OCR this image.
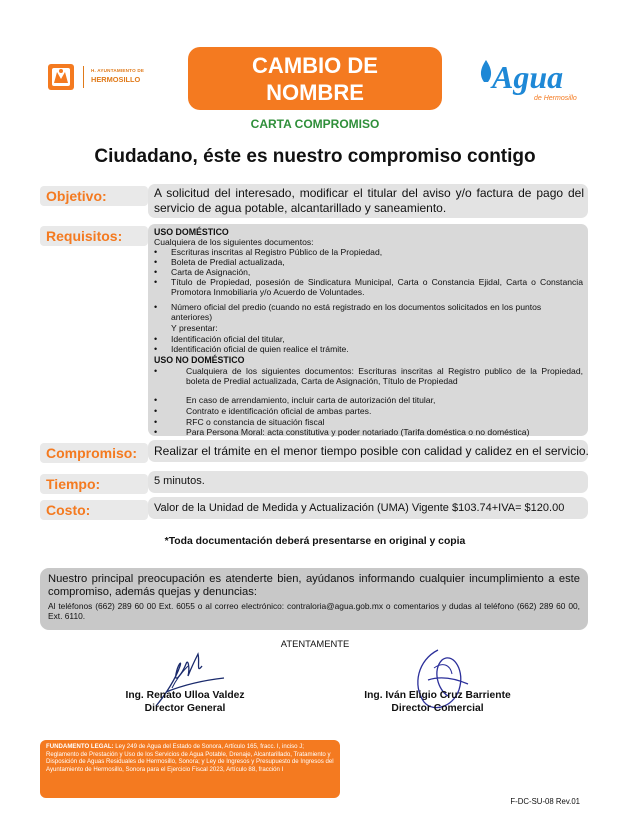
H. AYUNTAMIENTO DE
HERMOSILLO
CAMBIO DE
NOMBRE
CARTA COMPROMISO
Agua
de Hermosillo
Ciudadano, éste es nuestro compromiso contigo
Objetivo:	A solicitud del interesado, modificar el titular del aviso y/o factura de pago del servicio de agua potable, alcantarillado y saneamiento.
Requisitos:	USO DOMÉSTICO
Cualquiera de los siguientes documentos:
• Escrituras inscritas al Registro Público de la Propiedad,
• Boleta de Predial actualizada,
• Carta de Asignación,
• Título de Propiedad, posesión de Sindicatura Municipal, Carta o Constancia Ejidal, Carta o Constancia Promotora Inmobiliaria y/o Acuerdo de Voluntades.
• Número oficial del predio (cuando no está registrado en los documentos solicitados en los puntos anteriores)
Y presentar:
• Identificación oficial del titular,
• Identificación oficial de quien realice el trámite.
USO NO DOMÉSTICO
•	Cualquiera de los siguientes documentos: Escrituras inscritas al Registro publico de la Propiedad, boleta de Predial actualizada, Carta de Asignación, Título de Propiedad
•	En caso de arrendamiento, incluir carta de autorización del titular,
•	Contrato e identificación oficial de ambas partes.
•	RFC o constancia de situación fiscal
•	Para Persona Moral: acta constitutiva y poder notariado (Tarifa doméstica o no doméstica)
Compromiso:	Realizar el trámite en el menor tiempo posible con calidad y calidez en el servicio.
Tiempo:	5 minutos.
Costo:	Valor de la Unidad de Medida y Actualización (UMA) Vigente $103.74+IVA= $120.00
*Toda documentación deberá presentarse en original y copia
Nuestro principal preocupación es atenderte bien, ayúdanos informando cualquier incumplimiento a este compromiso, además quejas y denuncias:
Al teléfonos (662) 289 60 00 Ext. 6055 o al correo electrónico: contraloria@agua.gob.mx o comentarios y dudas al teléfono (662) 289 60 00, Ext. 6110.
ATENTAMENTE
Ing. Renato Ulloa Valdez
Director General
Ing. Iván Eligio Cruz Barriente
Director Comercial
FUNDAMENTO LEGAL: Ley 249 de Agua del Estado de Sonora, Artículo 165, fracc. I, inciso J; Reglamento de Prestación y Uso de los Servicios de Agua Potable, Drenaje, Alcantarillado, Tratamiento y Disposición de Aguas Residuales de Hermosillo, Sonora; y Ley de Ingresos y Presupuesto de Ingresos del Ayuntamiento de Hermosillo, Sonora para el Ejercicio Fiscal 2023, Artículo 88, fracción I
F-DC-SU-08 Rev.01
